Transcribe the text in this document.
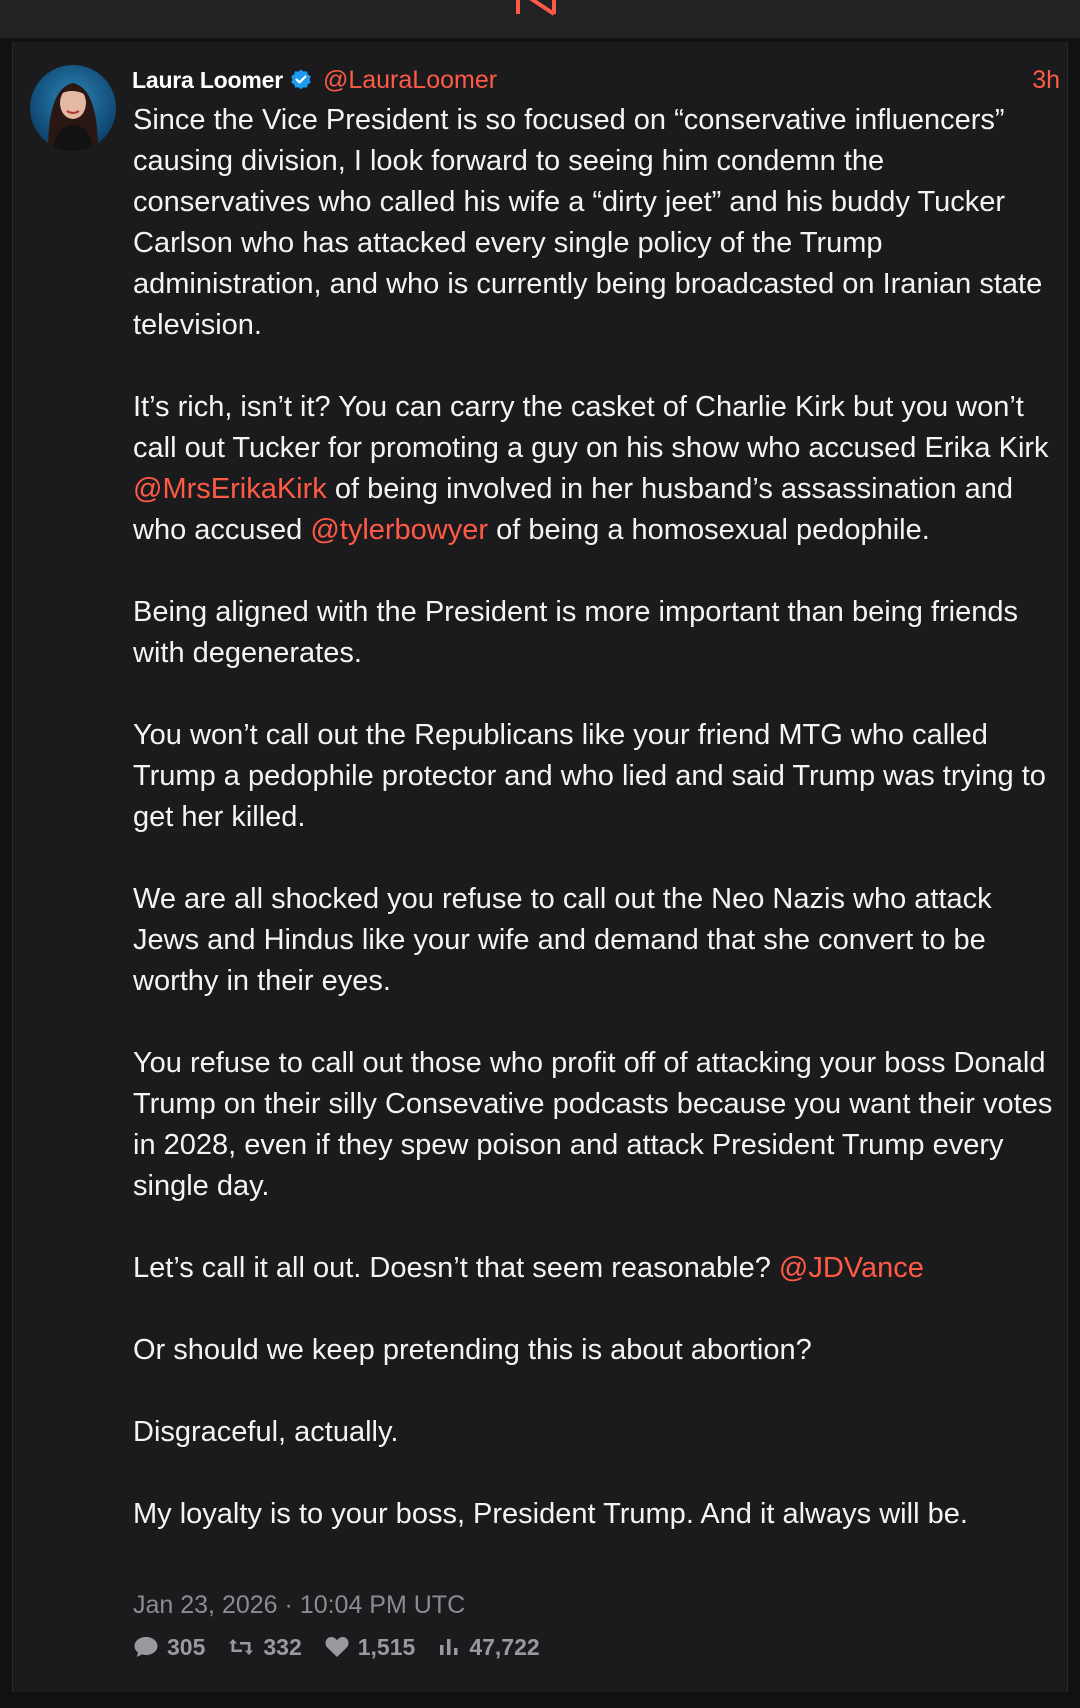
Laura Loomer @LauraLoomer	3h

Since the Vice President is so focused on “conservative influencers” causing division, I look forward to seeing him condemn the conservatives who called his wife a “dirty jeet” and his buddy Tucker Carlson who has attacked every single policy of the Trump administration, and who is currently being broadcasted on Iranian state television.

It’s rich, isn’t it? You can carry the casket of Charlie Kirk but you won’t call out Tucker for promoting a guy on his show who accused Erika Kirk @MrsErikaKirk of being involved in her husband’s assassination and who accused @tylerbowyer of being a homosexual pedophile.

Being aligned with the President is more important than being friends with degenerates.

You won’t call out the Republicans like your friend MTG who called Trump a pedophile protector and who lied and said Trump was trying to get her killed.

We are all shocked you refuse to call out the Neo Nazis who attack Jews and Hindus like your wife and demand that she convert to be worthy in their eyes.

You refuse to call out those who profit off of attacking your boss Donald Trump on their silly Consevative podcasts because you want their votes in 2028, even if they spew poison and attack President Trump every single day.

Let’s call it all out. Doesn’t that seem reasonable? @JDVance

Or should we keep pretending this is about abortion?

Disgraceful, actually.

My loyalty is to your boss, President Trump. And it always will be.

Jan 23, 2026 · 10:04 PM UTC
305	332 1,515 47,722
